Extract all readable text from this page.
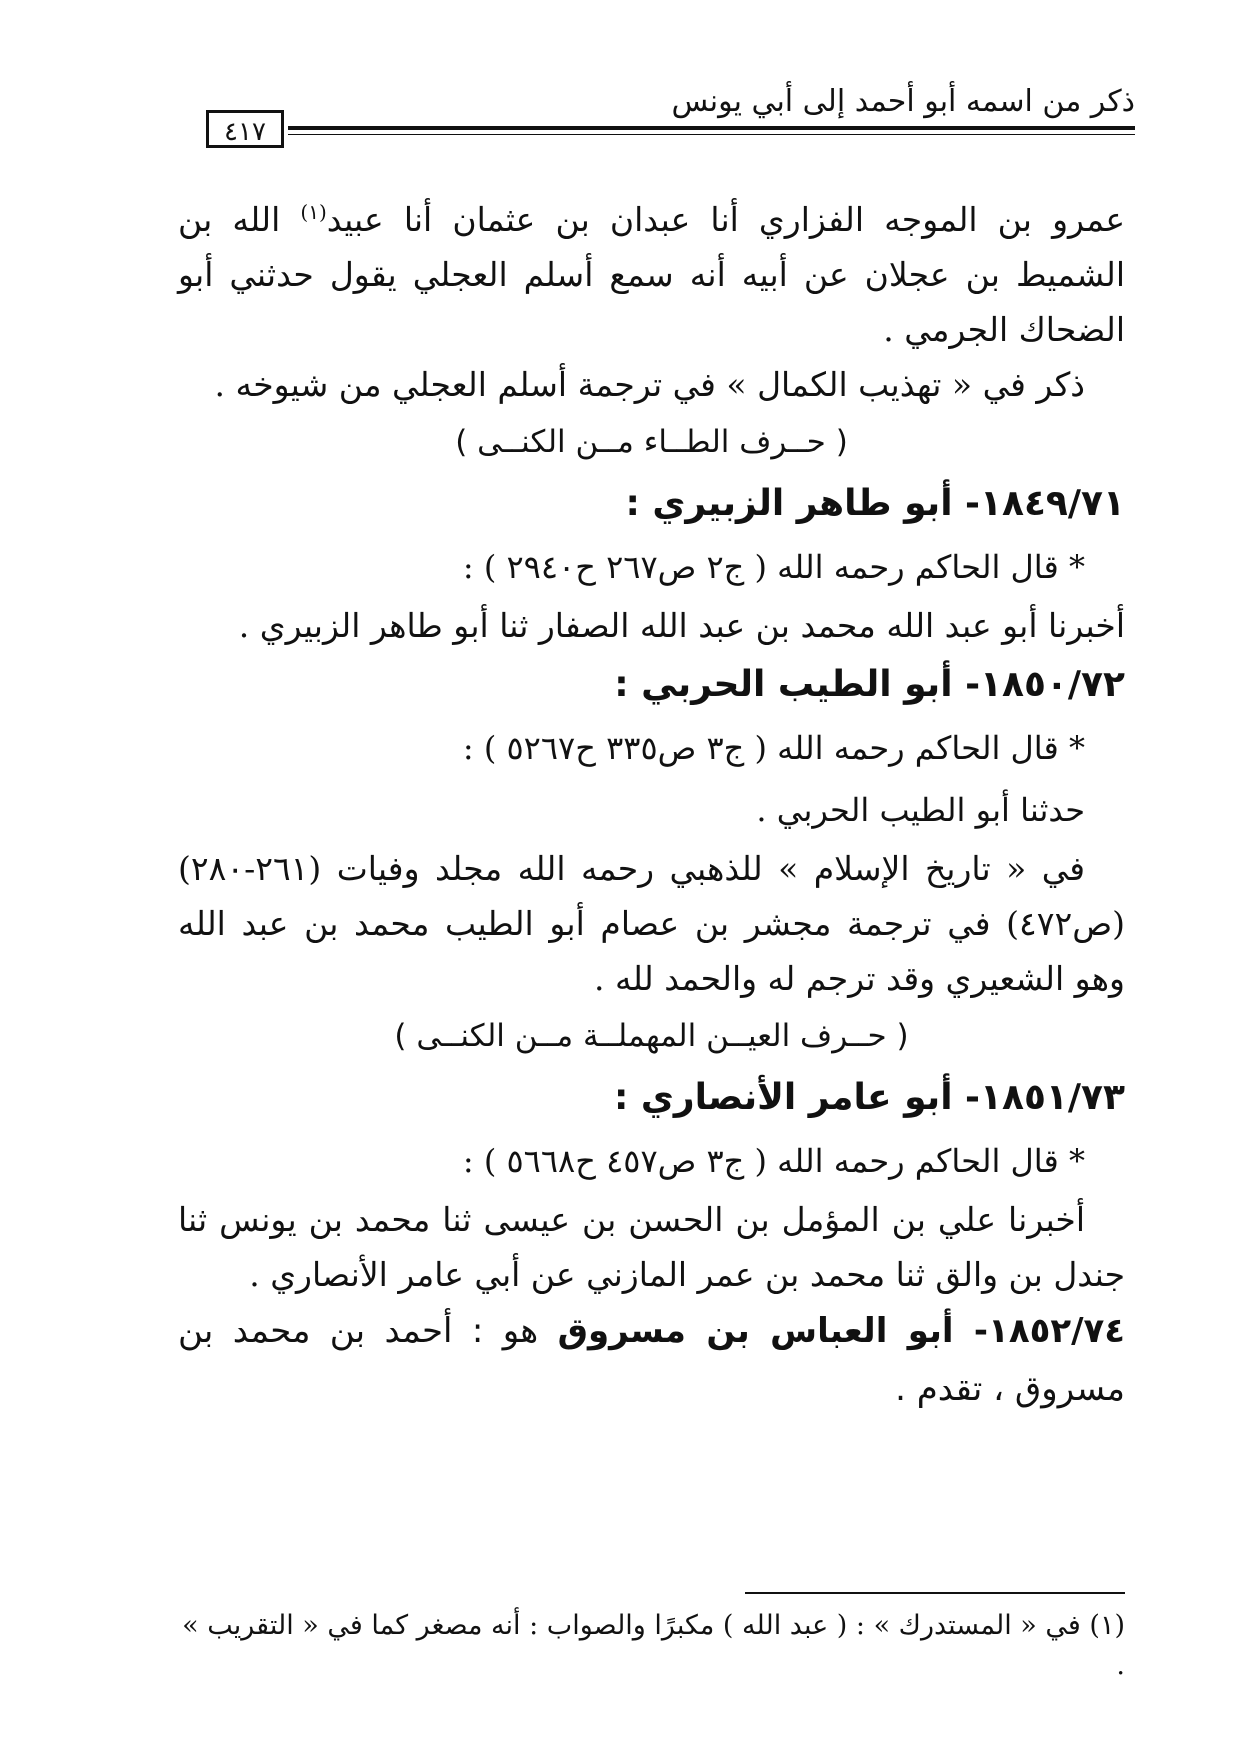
ذكر من اسمه أبو أحمد إلى أبي يونس
٤١٧

عمرو بن الموجه الفزاري أنا عبدان بن عثمان أنا عبيد$^{(١)}$ الله بن الشميط بن عجلان عن أبيه أنه سمع أسلم العجلي يقول حدثني أبو الضحاك الجرمي .

ذكر في « تهذيب الكمال » في ترجمة أسلم العجلي من شيوخه .

( حــرف الطــاء مــن الكنــى )

١٨٤٩/٧١- أبو طاهر الزبيري :

* قال الحاكم رحمه الله ( ج٢ ص٢٦٧ ح٢٩٤٠ ) :

أخبرنا أبو عبد الله محمد بن عبد الله الصفار ثنا أبو طاهر الزبيري .

١٨٥٠/٧٢- أبو الطيب الحربي :

* قال الحاكم رحمه الله ( ج٣ ص٣٣٥ ح٥٢٦٧ ) :

حدثنا أبو الطيب الحربي .

في « تاريخ الإسلام » للذهبي رحمه الله مجلد وفيات (٢٦١-٢٨٠) (ص٤٧٢) في ترجمة مجشر بن عصام أبو الطيب محمد بن عبد الله وهو الشعيري وقد ترجم له والحمد لله .

( حــرف العيــن المهملــة مــن الكنــى )

١٨٥١/٧٣- أبو عامر الأنصاري :

* قال الحاكم رحمه الله ( ج٣ ص٤٥٧ ح٥٦٦٨ ) :

أخبرنا علي بن المؤمل بن الحسن بن عيسى ثنا محمد بن يونس ثنا جندل بن والق ثنا محمد بن عمر المازني عن أبي عامر الأنصاري .

١٨٥٢/٧٤- أبو العباس بن مسروق هو : أحمد بن محمد بن مسروق ، تقدم .

(١) في « المستدرك » : ( عبد الله ) مكبرًا والصواب : أنه مصغر كما في « التقريب » .
